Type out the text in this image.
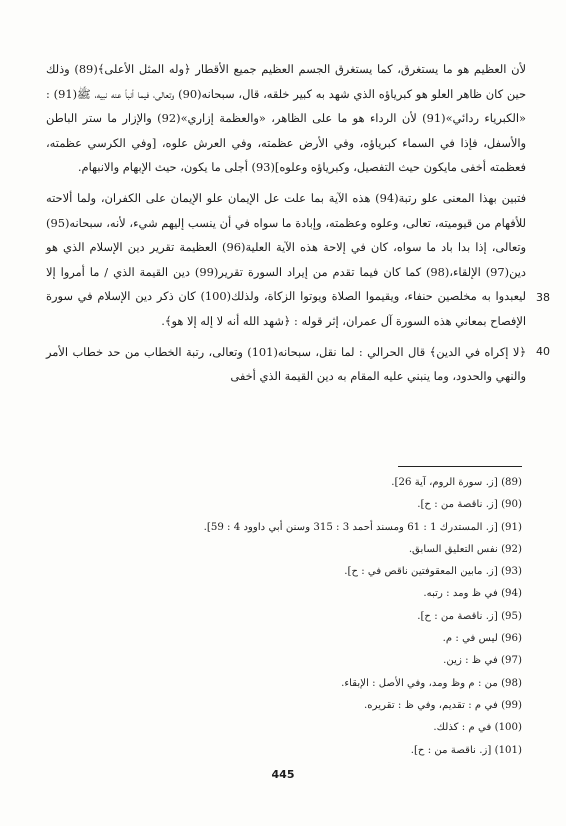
لأن العظيم هو ما يستغرق، كما يستغرق الجسم العظيم جميع الأقطار ﴿وله المثل الأعلى﴾(89) وذلك حين كان ظاهر العلو هو كبرياؤه الذي شهد به كبير خلقه، قال، سبحانه(90) وتعالى، فيما أنبأ عنه نبيه، ﷺ(91) : «الكبرياء ردائي»(91) لأن الرداء هو ما على الظاهر، «والعظمة إزاري»(92) والإزار ما ستر الباطن والأسفل، فإذا في السماء كبرياؤه، وفي الأرض عظمته، وفي العرش علوه، [وفي الكرسي عظمته، فعظمته أخفى مايكون حيث التفصيل، وكبرياؤه وعلوه](93) أجلى ما يكون، حيث الإبهام والانبهام.

38
فتبين بهذا المعنى علو رتبة(94) هذه الآية بما علت عل الإيمان علو الإيمان على الكفران، ولما ألاحته للأفهام من قيوميته، تعالى، وعلوه وعظمته، وإبادة ما سواه في أن ينسب إليهم شيء، لأنه، سبحانه(95) وتعالى، إذا بدا باد ما سواه، كان في إلاحة هذه الآية العلية(96) العظيمة تقرير دين الإسلام الذي هو دين(97) الإلقاء،(98) كما كان فيما تقدم من إيراد السورة تقرير(99) دين القيمة الذي / ما أمروا إلا ليعبدوا به مخلصين حنفاء، ويقيموا الصلاة ويوتوا الزكاة، ولذلك(100) كان ذكر دين الإسلام في سورة الإفصاح بمعاني هذه السورة آل عمران، إثر قوله : ﴿شهد الله أنه لا إله إلا هو﴾.

40
﴿لا إكراه في الدين﴾ قال الحرالي : لما نقل، سبحانه(101) وتعالى، رتبة الخطاب من حد خطاب الأمر والنهي والحدود، وما ينبني عليه المقام به دين القيمة الذي أخفى

(89) [ز. سورة الروم، آية 26].
(90) [ز. ناقصة من : ح].
(91) [ز. المستدرك 1 : 61 ومسند أحمد 3 : 315 وسنن أبي داوود 4 : 59].
(92) نفس التعليق السابق.
(93) [ز. مابين المعقوفتين ناقص في : ح].
(94) في ظ ومد : رتبه.
(95) [ز. ناقصة من : ح].
(96) ليس في : م.
(97) في ظ : زين.
(98) من : م وظ ومد، وفي الأصل : الإبقاء.
(99) في م : تقديم، وفي ظ : تقريره.
(100) في م : كذلك.
(101) [ز. ناقصة من : ح].
445
